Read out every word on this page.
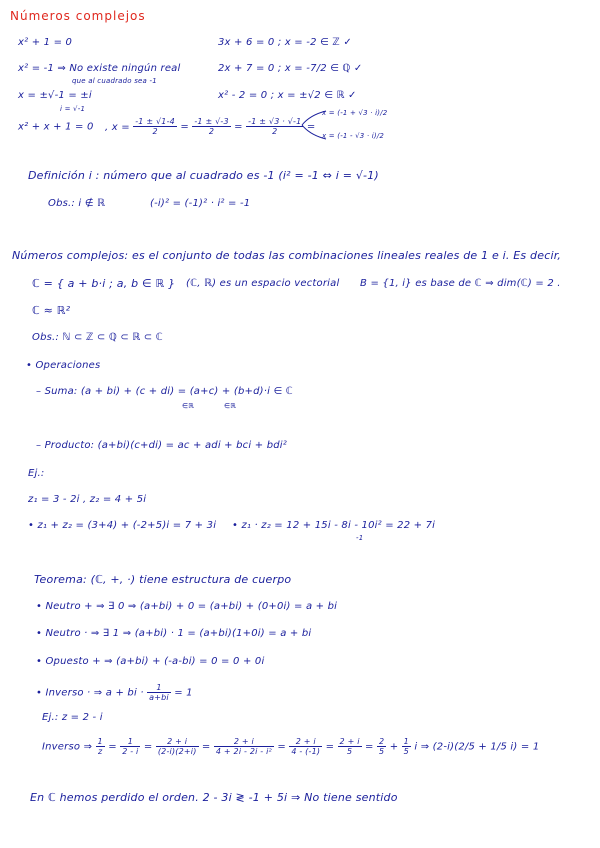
Números complejos
x² + 1 = 0
x² = -1 ⇒ No existe ningún real
que al cuadrado sea -1
x = ±√-1 = ±i
i = √-1
x² + x + 1 = 0 , $x = \frac{-1 \pm √1-4}{2} = \frac{-1 \pm √-3}{2} = \frac{-1 \pm √3 \cdot √-1}{2}$ =
x = (-1 + √3 · i)/2
x = (-1 - √3 · i)/2
3x + 6 = 0 ; x = -2 ∈ ℤ ✓
2x + 7 = 0 ; x = -7/2 ∈ ℚ ✓
x² - 2 = 0 ; x = ±√2 ∈ ℝ ✓
Definición i : número que al cuadrado es -1 (i² = -1 ⇔ i = √-1)
Obs.: i ∉ ℝ	(-i)² = (-1)² · i² = -1
Números complejos: es el conjunto de todas las combinaciones lineales reales de 1 e i. Es decir,
ℂ = { a + b·i ; a, b ∈ ℝ } (ℂ, ℝ) es un espacio vectorial B = {1, i} es base de ℂ ⇒ dim(ℂ) = 2 .
ℂ ≈ ℝ²
Obs.: ℕ ⊂ ℤ ⊂ ℚ ⊂ ℝ ⊂ ℂ
• Operaciones
– Suma: (a + bi) + (c + di) = (a+c) + (b+d)·i ∈ ℂ
∈ℝ	∈ℝ
– Producto: (a+bi)(c+di) = ac + adi + bci + bdi²
Ej.:
z₁ = 3 - 2i , z₂ = 4 + 5i
• z₁ + z₂ = (3+4) + (-2+5)i = 7 + 3i • z₁ · z₂ = 12 + 15i - 8i - 10i² = 22 + 7i
-1
Teorema: (ℂ, +, ·) tiene estructura de cuerpo
• Neutro + ⇒ ∃ 0 ⇒ (a+bi) + 0 = (a+bi) + (0+0i) = a + bi
• Neutro · ⇒ ∃ 1 ⇒ (a+bi) · 1 = (a+bi)(1+0i) = a + bi
• Opuesto + ⇒ (a+bi) + (-a-bi) = 0 = 0 + 0i
• Inverso · ⇒ a + bi · $\frac{1}{a+bi} = 1$
Ej.: z = 2 - i
Inverso ⇒ $\frac{1}{z} = \frac{1}{2 - i} = \frac{2 + i}{(2-i)(2+i)} = \frac{2 + i}{\text{4 + 2i - 2i - i²}} = \frac{2 + i}{4 - (-1)} = \frac{2 + i}{5} = \frac{2}{5} + \frac{1}{5}$ i ⇒ (2-i)(2/5 + 1/5 i) = 1
En ℂ hemos perdido el orden. 2 - 3i ≷ -1 + 5i ⇒ No tiene sentido
